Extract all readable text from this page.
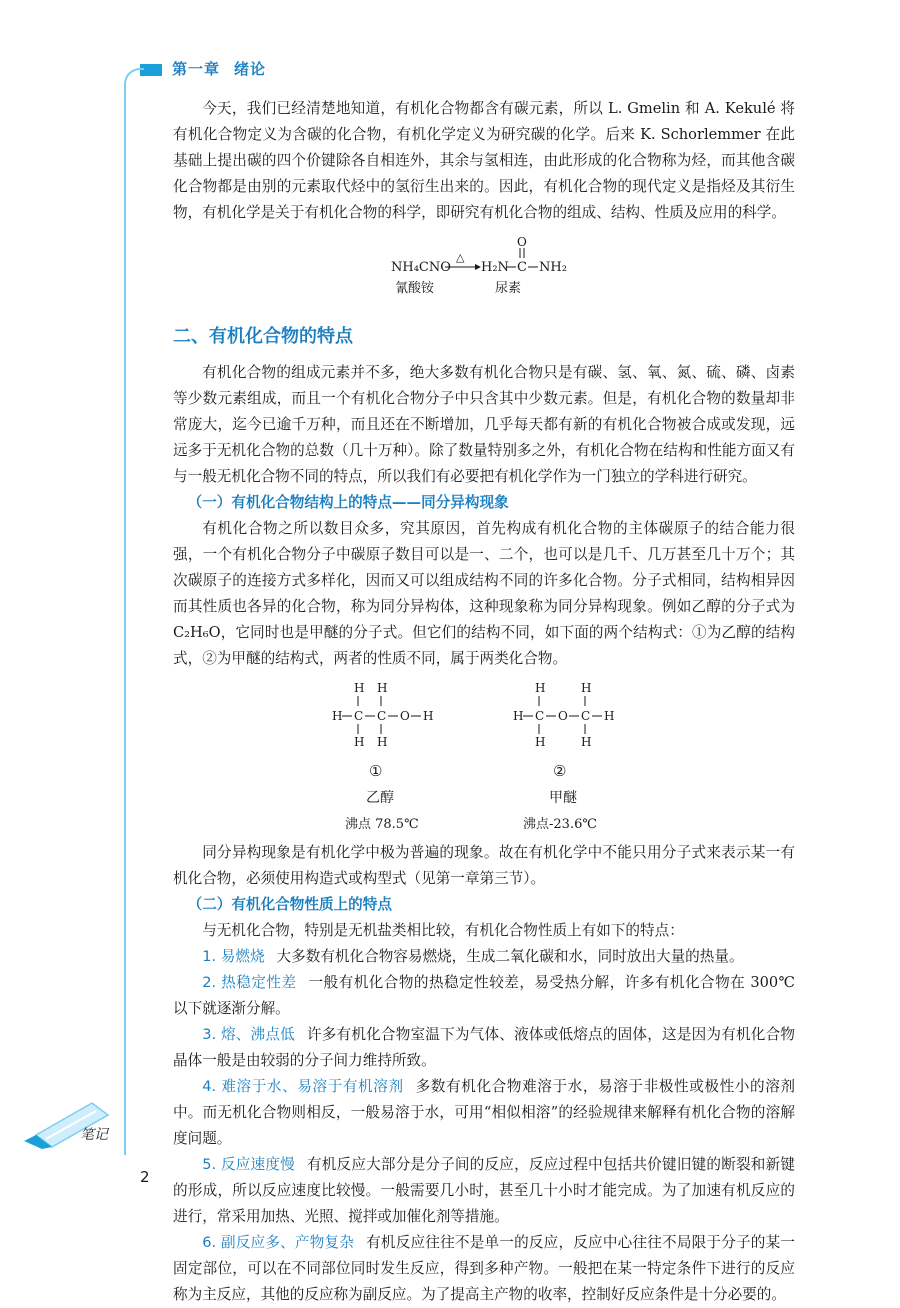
第一章 绪论

今天，我们已经清楚地知道，有机化合物都含有碳元素，所以 L. Gmelin 和 A. Kekulé 将有机化合物定义为含碳的化合物，有机化学定义为研究碳的化学。后来 K. Schorlemmer 在此基础上提出碳的四个价键除各自相连外，其余与氢相连，由此形成的化合物称为烃，而其他含碳化合物都是由别的元素取代烃中的氢衍生出来的。因此，有机化合物的现代定义是指烃及其衍生物，有机化学是关于有机化合物的科学，即研究有机化合物的组成、结构、性质及应用的科学。

NH₄CNO
△
H₂N C
O
NH₂
氰酸铵	尿素
二、有机化合物的特点

有机化合物的组成元素并不多，绝大多数有机化合物只是有碳、氢、氧、氮、硫、磷、卤素等少数元素组成，而且一个有机化合物分子中只含其中少数元素。但是，有机化合物的数量却非常庞大，迄今已逾千万种，而且还在不断增加，几乎每天都有新的有机化合物被合成或发现，远远多于无机化合物的总数（几十万种）。除了数量特别多之外，有机化合物在结构和性能方面又有与一般无机化合物不同的特点，所以我们有必要把有机化学作为一门独立的学科进行研究。

（一）有机化合物结构上的特点——同分异构现象

有机化合物之所以数目众多，究其原因，首先构成有机化合物的主体碳原子的结合能力很强，一个有机化合物分子中碳原子数目可以是一、二个，也可以是几千、几万甚至几十万个；其次碳原子的连接方式多样化，因而又可以组成结构不同的许多化合物。分子式相同，结构相异因而其性质也各异的化合物，称为同分异构体，这种现象称为同分异构现象。例如乙醇的分子式为 C₂H₆O，它同时也是甲醚的分子式。但它们的结构不同，如下面的两个结构式：①为乙醇的结构式，②为甲醚的结构式，两者的性质不同，属于两类化合物。

H H
H C C O H
H H
①
乙醇
沸点 78.5℃
H	H
H C O C H
H	H
②
甲醚
沸点-23.6℃

同分异构现象是有机化学中极为普遍的现象。故在有机化学中不能只用分子式来表示某一有机化合物，必须使用构造式或构型式（见第一章第三节）。

（二）有机化合物性质上的特点

与无机化合物，特别是无机盐类相比较，有机化合物性质上有如下的特点：

1. 易燃烧 大多数有机化合物容易燃烧，生成二氧化碳和水，同时放出大量的热量。

2. 热稳定性差 一般有机化合物的热稳定性较差，易受热分解，许多有机化合物在 300℃ 以下就逐渐分解。

3. 熔、沸点低 许多有机化合物室温下为气体、液体或低熔点的固体，这是因为有机化合物晶体一般是由较弱的分子间力维持所致。

4. 难溶于水、易溶于有机溶剂 多数有机化合物难溶于水，易溶于非极性或极性小的溶剂中。而无机化合物则相反，一般易溶于水，可用“相似相溶”的经验规律来解释有机化合物的溶解度问题。

5. 反应速度慢 有机反应大部分是分子间的反应，反应过程中包括共价键旧键的断裂和新键的形成，所以反应速度比较慢。一般需要几小时，甚至几十小时才能完成。为了加速有机反应的进行，常采用加热、光照、搅拌或加催化剂等措施。

6. 副反应多、产物复杂 有机反应往往不是单一的反应，反应中心往往不局限于分子的某一固定部位，可以在不同部位同时发生反应，得到多种产物。一般把在某一特定条件下进行的反应称为主反应，其他的反应称为副反应。为了提高主产物的收率，控制好反应条件是十分必要的。

笔记
2
